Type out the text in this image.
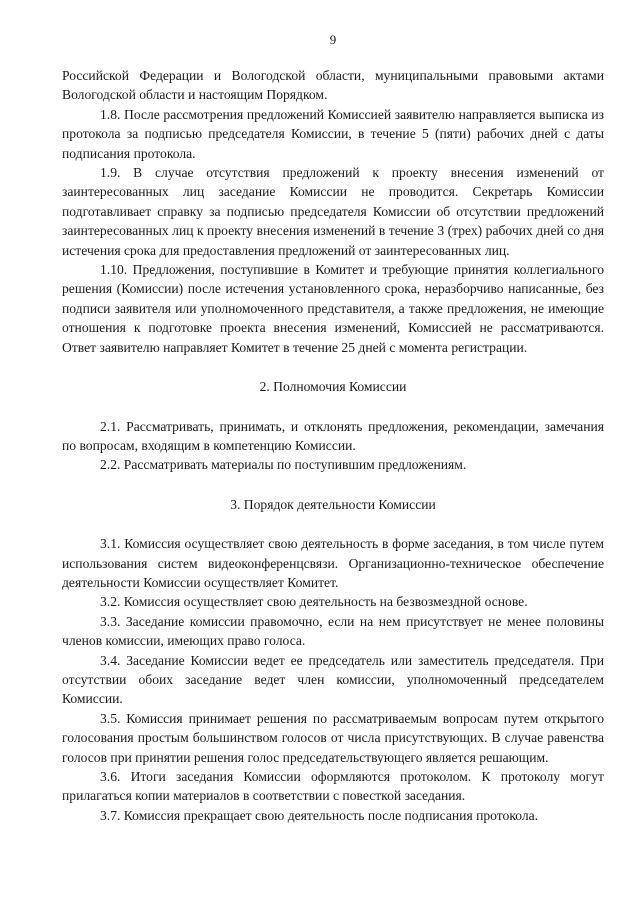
9

Российской Федерации и Вологодской области, муниципальными правовыми актами Вологодской области и настоящим Порядком.

1.8. После рассмотрения предложений Комиссией заявителю направляется выписка из протокола за подписью председателя Комиссии, в течение 5 (пяти) рабочих дней с даты подписания протокола.

1.9. В случае отсутствия предложений к проекту внесения изменений от заинтересованных лиц заседание Комиссии не проводится. Секретарь Комиссии подготавливает справку за подписью председателя Комиссии об отсутствии предложений заинтересованных лиц к проекту внесения изменений в течение 3 (трех) рабочих дней со дня истечения срока для предоставления предложений от заинтересованных лиц.

1.10. Предложения, поступившие в Комитет и требующие принятия коллегиального решения (Комиссии) после истечения установленного срока, неразборчиво написанные, без подписи заявителя или уполномоченного представителя, а также предложения, не имеющие отношения к подготовке проекта внесения изменений, Комиссией не рассматриваются. Ответ заявителю направляет Комитет в течение 25 дней с момента регистрации.

2. Полномочия Комиссии

2.1. Рассматривать, принимать, и отклонять предложения, рекомендации, замечания по вопросам, входящим в компетенцию Комиссии.

2.2. Рассматривать материалы по поступившим предложениям.

3. Порядок деятельности Комиссии

3.1. Комиссия осуществляет свою деятельность в форме заседания, в том числе путем использования систем видеоконференцсвязи. Организационно-техническое обеспечение деятельности Комиссии осуществляет Комитет.

3.2. Комиссия осуществляет свою деятельность на безвозмездной основе.

3.3. Заседание комиссии правомочно, если на нем присутствует не менее половины членов комиссии, имеющих право голоса.

3.4. Заседание Комиссии ведет ее председатель или заместитель председателя. При отсутствии обоих заседание ведет член комиссии, уполномоченный председателем Комиссии.

3.5. Комиссия принимает решения по рассматриваемым вопросам путем открытого голосования простым большинством голосов от числа присутствующих. В случае равенства голосов при принятии решения голос председательствующего является решающим.

3.6. Итоги заседания Комиссии оформляются протоколом. К протоколу могут прилагаться копии материалов в соответствии с повесткой заседания.

3.7. Комиссия прекращает свою деятельность после подписания протокола.
